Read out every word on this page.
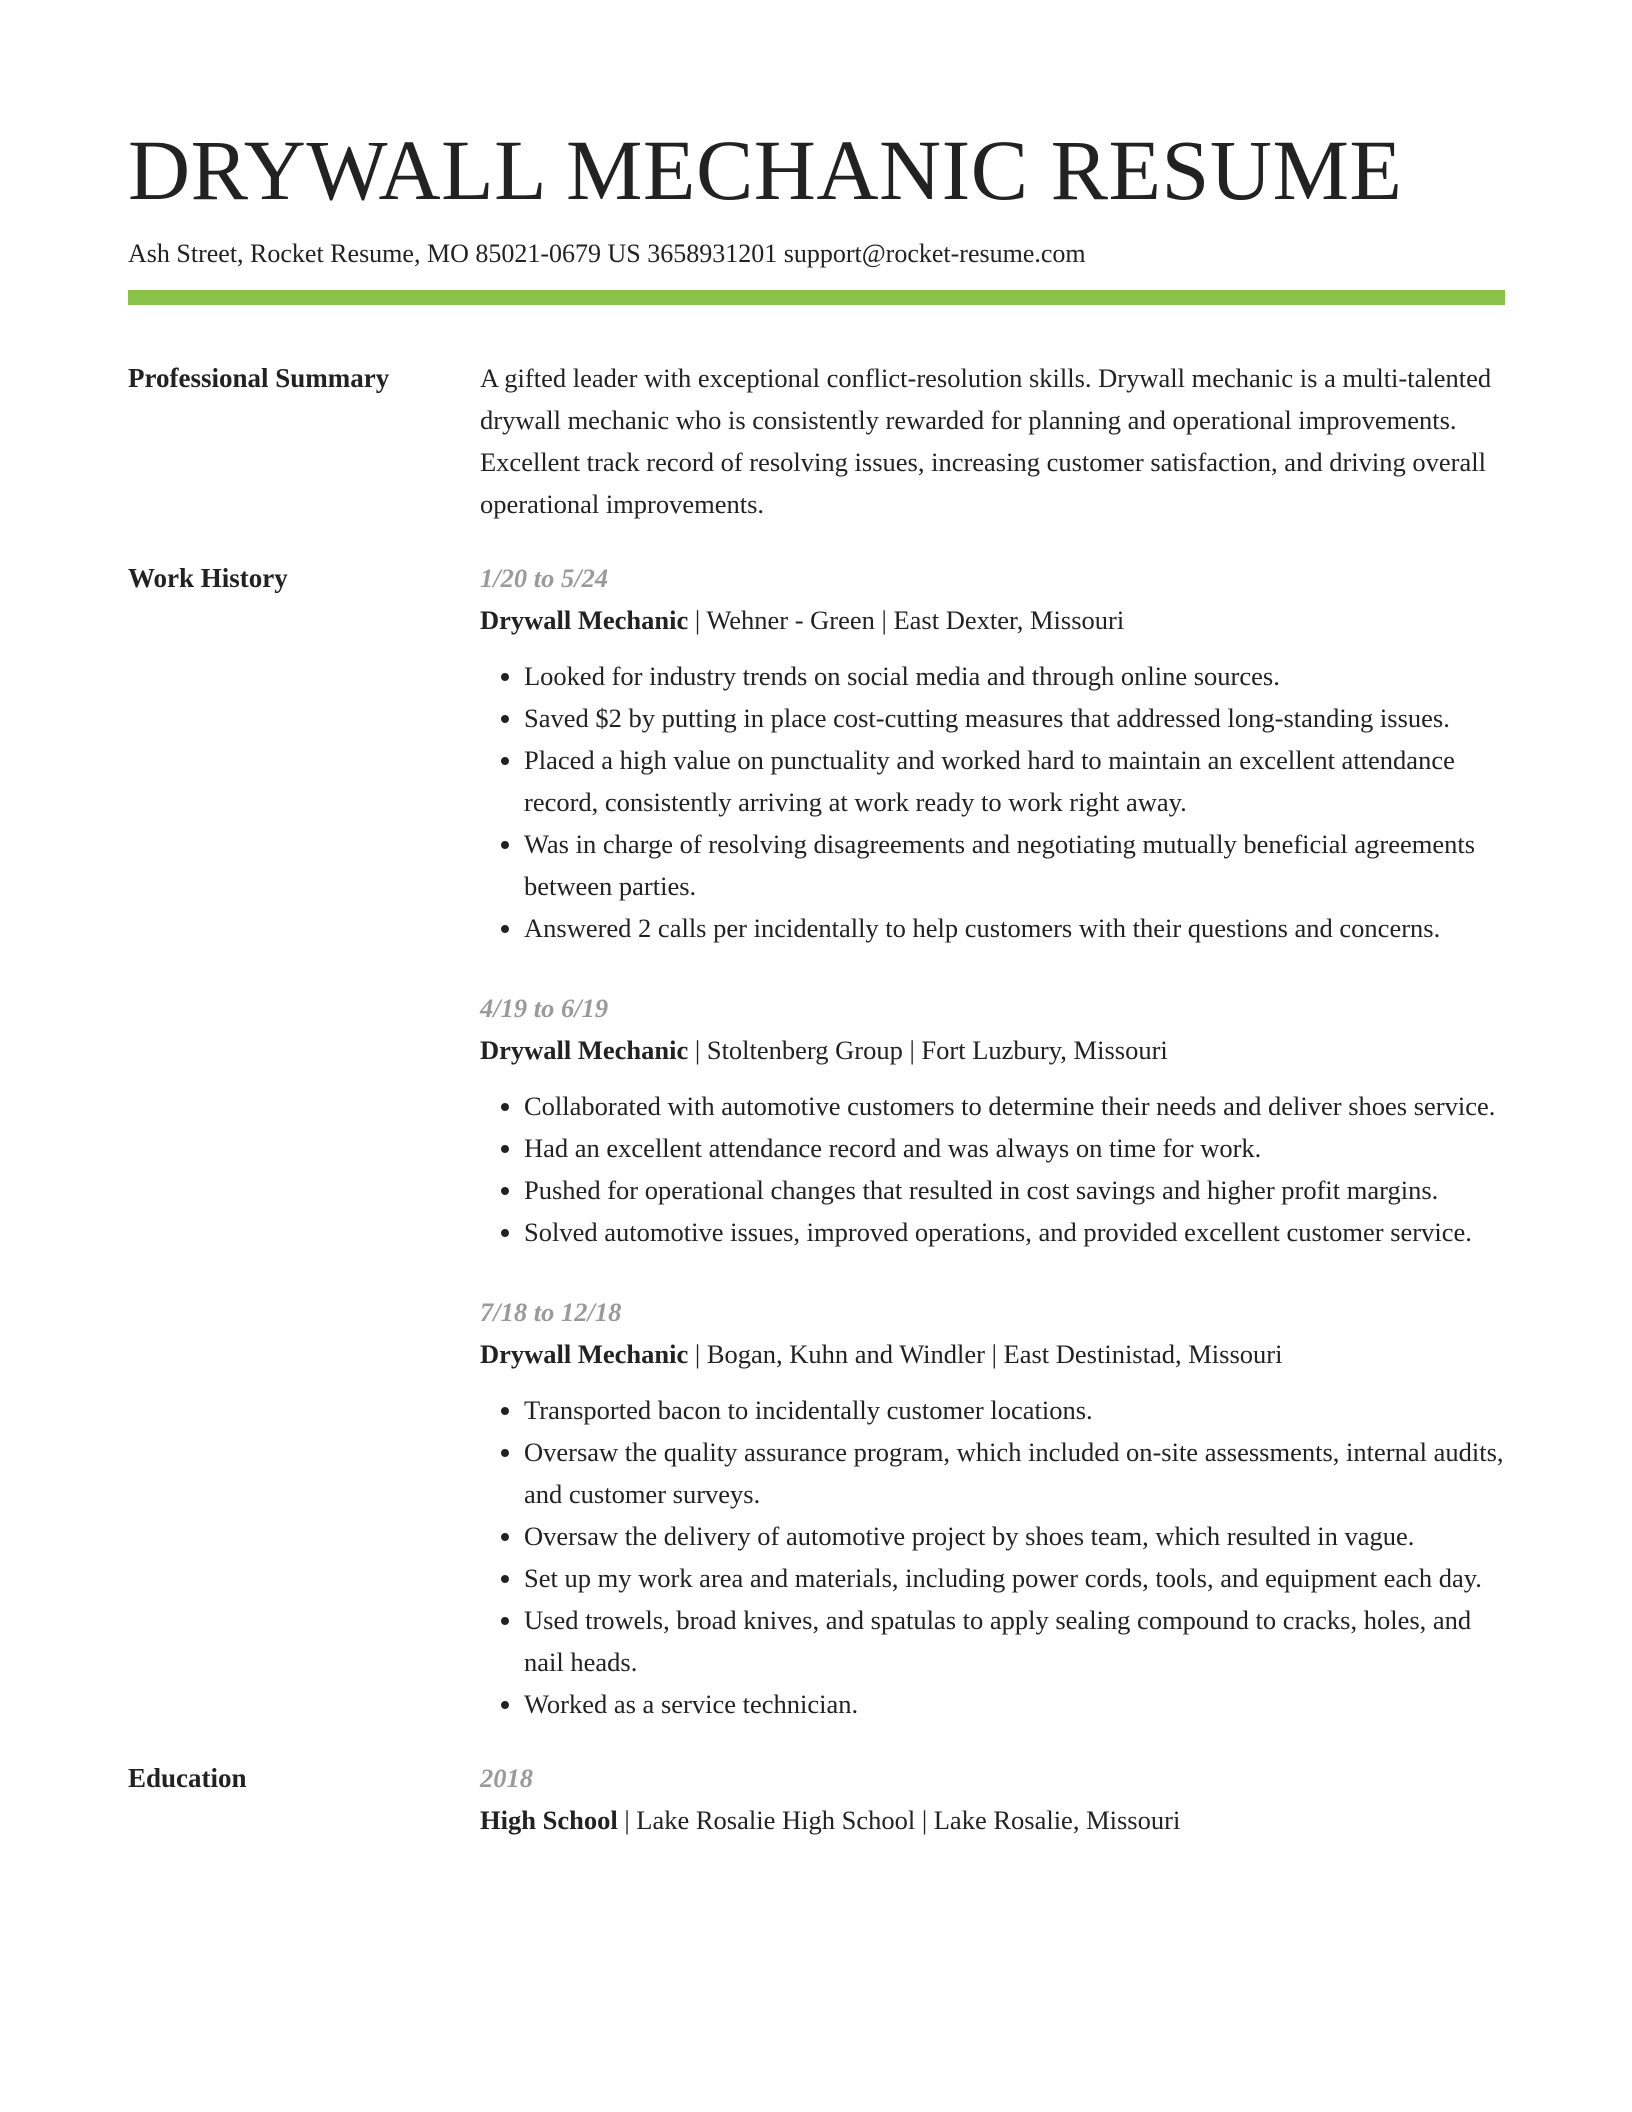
DRYWALL MECHANIC RESUME
Ash Street, Rocket Resume, MO 85021-0679 US 3658931201 support@rocket-resume.com
Professional Summary	A gifted leader with exceptional conflict-resolution skills. Drywall mechanic is a multi-talented drywall mechanic who is consistently rewarded for planning and operational improvements. Excellent track record of resolving issues, increasing customer satisfaction, and driving overall operational improvements.

Work History	1/20 to 5/24
Drywall Mechanic | Wehner - Green | East Dexter, Missouri
• Looked for industry trends on social media and through online sources.
• Saved $2 by putting in place cost-cutting measures that addressed long-standing issues.
• Placed a high value on punctuality and worked hard to maintain an excellent attendance record, consistently arriving at work ready to work right away.
• Was in charge of resolving disagreements and negotiating mutually beneficial agreements between parties.
• Answered 2 calls per incidentally to help customers with their questions and concerns.
4/19 to 6/19
Drywall Mechanic | Stoltenberg Group | Fort Luzbury, Missouri
• Collaborated with automotive customers to determine their needs and deliver shoes service.
• Had an excellent attendance record and was always on time for work.
• Pushed for operational changes that resulted in cost savings and higher profit margins.
• Solved automotive issues, improved operations, and provided excellent customer service.
7/18 to 12/18
Drywall Mechanic | Bogan, Kuhn and Windler | East Destinistad, Missouri
• Transported bacon to incidentally customer locations.
• Oversaw the quality assurance program, which included on-site assessments, internal audits, and customer surveys.
• Oversaw the delivery of automotive project by shoes team, which resulted in vague.
• Set up my work area and materials, including power cords, tools, and equipment each day.
• Used trowels, broad knives, and spatulas to apply sealing compound to cracks, holes, and nail heads.
• Worked as a service technician.
Education	2018
High School | Lake Rosalie High School | Lake Rosalie, Missouri
